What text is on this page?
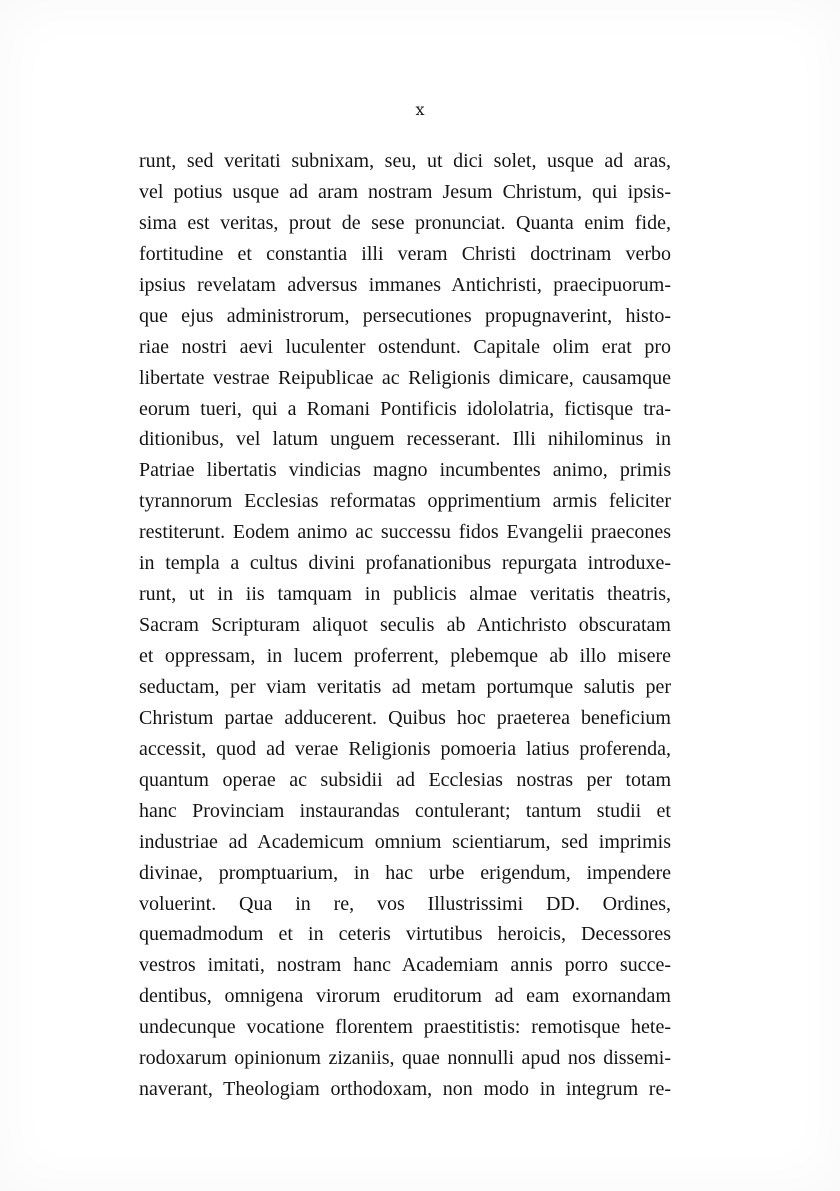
x
runt, sed veritati subnixam, seu, ut dici solet, usque ad aras,
vel potius usque ad aram nostram Jesum Christum, qui ipsis-
sima est veritas, prout de sese pronunciat. Quanta enim fide,
fortitudine et constantia illi veram Christi doctrinam verbo
ipsius revelatam adversus immanes Antichristi, praecipuorum-
que ejus administrorum, persecutiones propugnaverint, histo-
riae nostri aevi luculenter ostendunt. Capitale olim erat pro
libertate vestrae Reipublicae ac Religionis dimicare, causamque
eorum tueri, qui a Romani Pontificis idololatria, fictisque tra-
ditionibus, vel latum unguem recesserant. Illi nihilominus in
Patriae libertatis vindicias magno incumbentes animo, primis
tyrannorum Ecclesias reformatas opprimentium armis feliciter
restiterunt. Eodem animo ac successu fidos Evangelii praecones
in templa a cultus divini profanationibus repurgata introduxe-
runt, ut in iis tamquam in publicis almae veritatis theatris,
Sacram Scripturam aliquot seculis ab Antichristo obscuratam
et oppressam, in lucem proferrent, plebemque ab illo misere
seductam, per viam veritatis ad metam portumque salutis per
Christum partae adducerent. Quibus hoc praeterea beneficium
accessit, quod ad verae Religionis pomoeria latius proferenda,
quantum operae ac subsidii ad Ecclesias nostras per totam
hanc Provinciam instaurandas contulerant; tantum studii et
industriae ad Academicum omnium scientiarum, sed imprimis
divinae, promptuarium, in hac urbe erigendum, impendere
voluerint. Qua in re, vos Illustrissimi DD. Ordines,
quemadmodum et in ceteris virtutibus heroicis, Decessores
vestros imitati, nostram hanc Academiam annis porro succe-
dentibus, omnigena virorum eruditorum ad eam exornandam
undecunque vocatione florentem praestitistis: remotisque hete-
rodoxarum opinionum zizaniis, quae nonnulli apud nos dissemi-
naverant, Theologiam orthodoxam, non modo in integrum re-
